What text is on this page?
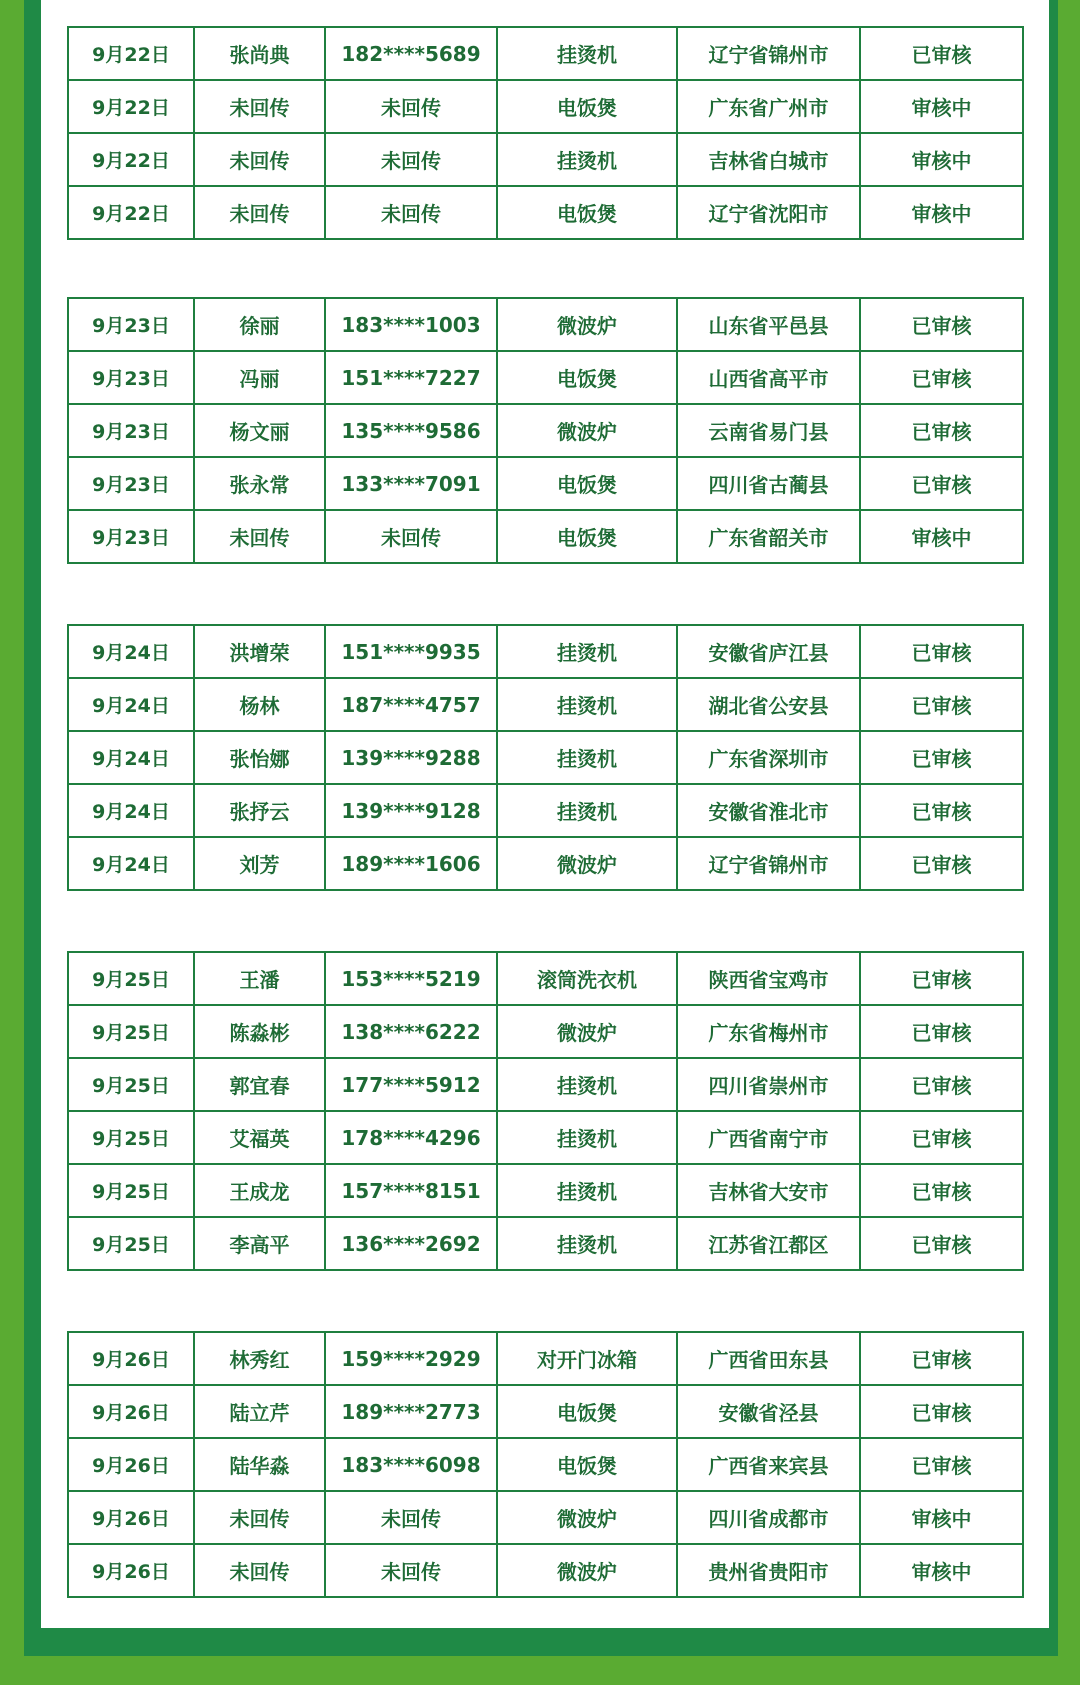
9月22日	张尚典	182****5689	挂烫机	辽宁省锦州市	已审核
9月22日	未回传	未回传	电饭煲	广东省广州市	审核中
9月22日	未回传	未回传	挂烫机	吉林省白城市	审核中
9月22日	未回传	未回传	电饭煲	辽宁省沈阳市	审核中
9月23日	徐丽	183****1003	微波炉	山东省平邑县	已审核
9月23日	冯丽	151****7227	电饭煲	山西省高平市	已审核
9月23日	杨文丽	135****9586	微波炉	云南省易门县	已审核
9月23日	张永常	133****7091	电饭煲	四川省古蔺县	已审核
9月23日	未回传	未回传	电饭煲	广东省韶关市	审核中
9月24日	洪增荣	151****9935	挂烫机	安徽省庐江县	已审核
9月24日	杨林	187****4757	挂烫机	湖北省公安县	已审核
9月24日	张怡娜	139****9288	挂烫机	广东省深圳市	已审核
9月24日	张抒云	139****9128	挂烫机	安徽省淮北市	已审核
9月24日	刘芳	189****1606	微波炉	辽宁省锦州市	已审核
9月25日	王潘	153****5219	滚筒洗衣机	陕西省宝鸡市	已审核
9月25日	陈淼彬	138****6222	微波炉	广东省梅州市	已审核
9月25日	郭宜春	177****5912	挂烫机	四川省崇州市	已审核
9月25日	艾福英	178****4296	挂烫机	广西省南宁市	已审核
9月25日	王成龙	157****8151	挂烫机	吉林省大安市	已审核
9月25日	李高平	136****2692	挂烫机	江苏省江都区	已审核
9月26日	林秀红	159****2929	对开门冰箱	广西省田东县	已审核
9月26日	陆立芹	189****2773	电饭煲	安徽省泾县	已审核
9月26日	陆华淼	183****6098	电饭煲	广西省来宾县	已审核
9月26日	未回传	未回传	微波炉	四川省成都市	审核中
9月26日	未回传	未回传	微波炉	贵州省贵阳市	审核中
